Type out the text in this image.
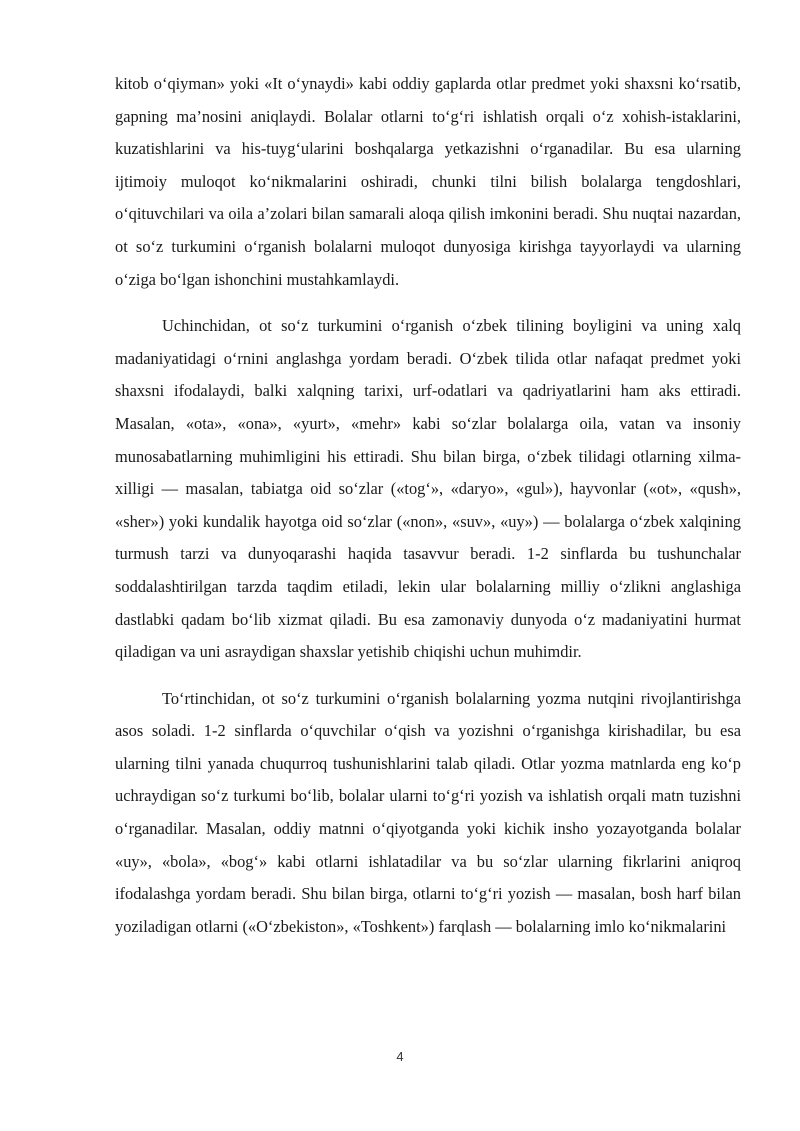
kitob o‘qiyman» yoki «It o‘ynaydi» kabi oddiy gaplarda otlar predmet yoki shaxsni ko‘rsatib, gapning ma’nosini aniqlaydi. Bolalar otlarni to‘g‘ri ishlatish orqali o‘z xohish-istaklarini, kuzatishlarini va his-tuyg‘ularini boshqalarga yetkazishni o‘rganadilar. Bu esa ularning ijtimoiy muloqot ko‘nikmalarini oshiradi, chunki tilni bilish bolalarga tengdoshlari, o‘qituvchilari va oila a’zolari bilan samarali aloqa qilish imkonini beradi. Shu nuqtai nazardan, ot so‘z turkumini o‘rganish bolalarni muloqot dunyosiga kirishga tayyorlaydi va ularning o‘ziga bo‘lgan ishonchini mustahkamlaydi.

Uchinchidan, ot so‘z turkumini o‘rganish o‘zbek tilining boyligini va uning xalq madaniyatidagi o‘rnini anglashga yordam beradi. O‘zbek tilida otlar nafaqat predmet yoki shaxsni ifodalaydi, balki xalqning tarixi, urf-odatlari va qadriyatlarini ham aks ettiradi. Masalan, «ota», «ona», «yurt», «mehr» kabi so‘zlar bolalarga oila, vatan va insoniy munosabatlarning muhimligini his ettiradi. Shu bilan birga, o‘zbek tilidagi otlarning xilma-xilligi — masalan, tabiatga oid so‘zlar («tog‘», «daryo», «gul»), hayvonlar («ot», «qush», «sher») yoki kundalik hayotga oid so‘zlar («non», «suv», «uy») — bolalarga o‘zbek xalqining turmush tarzi va dunyoqarashi haqida tasavvur beradi. 1-2 sinflarda bu tushunchalar soddalashtirilgan tarzda taqdim etiladi, lekin ular bolalarning milliy o‘zlikni anglashiga dastlabki qadam bo‘lib xizmat qiladi. Bu esa zamonaviy dunyoda o‘z madaniyatini hurmat qiladigan va uni asraydigan shaxslar yetishib chiqishi uchun muhimdir.

To‘rtinchidan, ot so‘z turkumini o‘rganish bolalarning yozma nutqini rivojlantirishga asos soladi. 1-2 sinflarda o‘quvchilar o‘qish va yozishni o‘rganishga kirishadilar, bu esa ularning tilni yanada chuqurroq tushunishlarini talab qiladi. Otlar yozma matnlarda eng ko‘p uchraydigan so‘z turkumi bo‘lib, bolalar ularni to‘g‘ri yozish va ishlatish orqali matn tuzishni o‘rganadilar. Masalan, oddiy matnni o‘qiyotganda yoki kichik insho yozayotganda bolalar «uy», «bola», «bog‘» kabi otlarni ishlatadilar va bu so‘zlar ularning fikrlarini aniqroq ifodalashga yordam beradi. Shu bilan birga, otlarni to‘g‘ri yozish — masalan, bosh harf bilan yoziladigan otlarni («O‘zbekiston», «Toshkent») farqlash — bolalarning imlo ko‘nikmalarini

4
